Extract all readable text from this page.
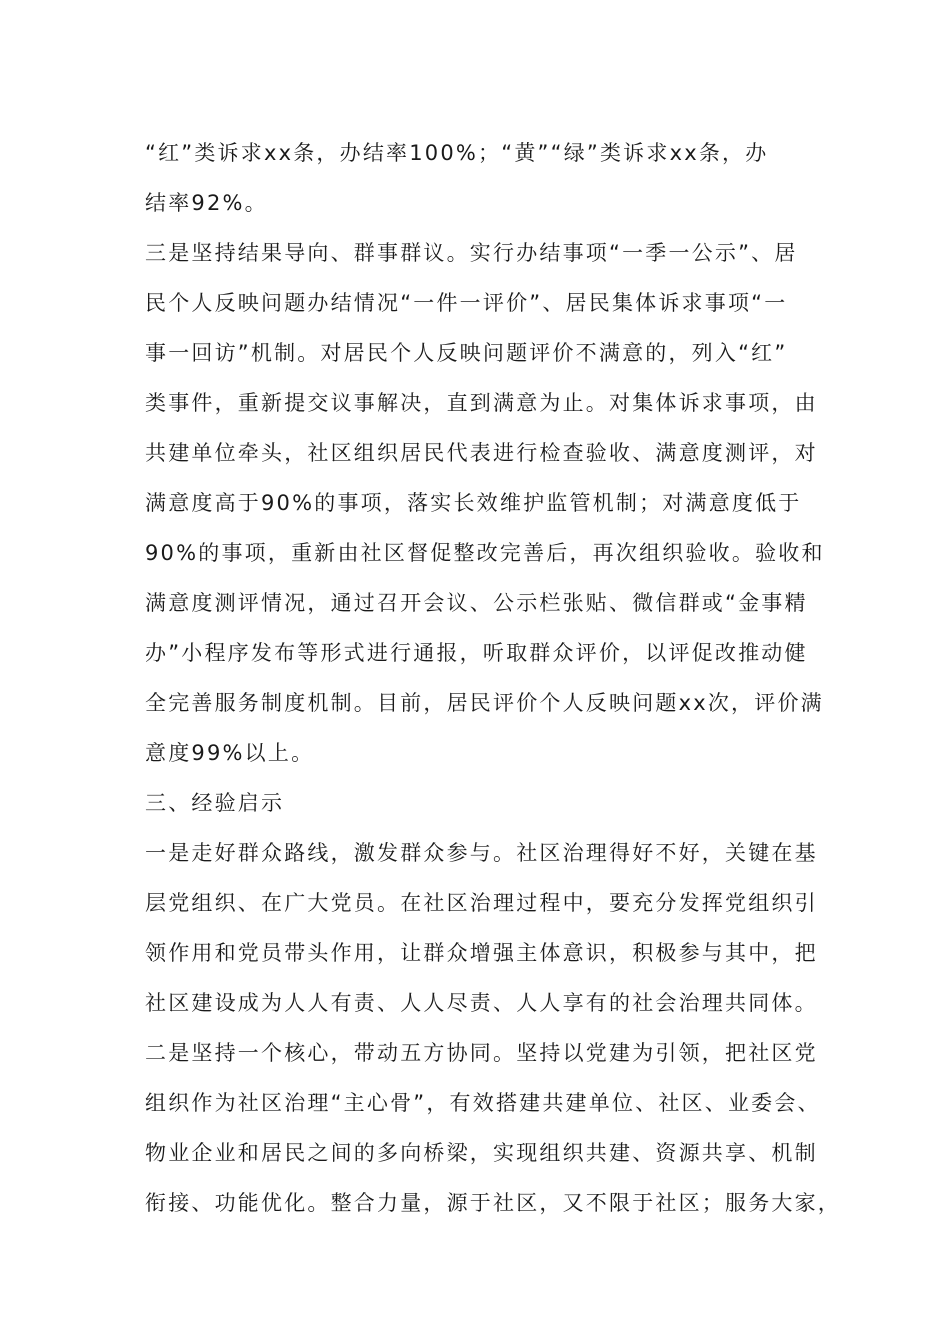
“红”类诉求xx条，办结率100%；“黄”“绿”类诉求xx条，办
结率92%。
三是坚持结果导向、群事群议。实行办结事项“一季一公示”、居
民个人反映问题办结情况“一件一评价”、居民集体诉求事项“一
事一回访”机制。对居民个人反映问题评价不满意的，列入“红”
类事件，重新提交议事解决，直到满意为止。对集体诉求事项，由
共建单位牵头，社区组织居民代表进行检查验收、满意度测评，对
满意度高于90%的事项，落实长效维护监管机制；对满意度低于
90%的事项，重新由社区督促整改完善后，再次组织验收。验收和
满意度测评情况，通过召开会议、公示栏张贴、微信群或“金事精
办”小程序发布等形式进行通报，听取群众评价，以评促改推动健
全完善服务制度机制。目前，居民评价个人反映问题xx次，评价满
意度99%以上。
三、经验启示
一是走好群众路线，激发群众参与。社区治理得好不好，关键在基
层党组织、在广大党员。在社区治理过程中，要充分发挥党组织引
领作用和党员带头作用，让群众增强主体意识，积极参与其中，把
社区建设成为人人有责、人人尽责、人人享有的社会治理共同体。
二是坚持一个核心，带动五方协同。坚持以党建为引领，把社区党
组织作为社区治理“主心骨”，有效搭建共建单位、社区、业委会、
物业企业和居民之间的多向桥梁，实现组织共建、资源共享、机制
衔接、功能优化。整合力量，源于社区，又不限于社区；服务大家，
